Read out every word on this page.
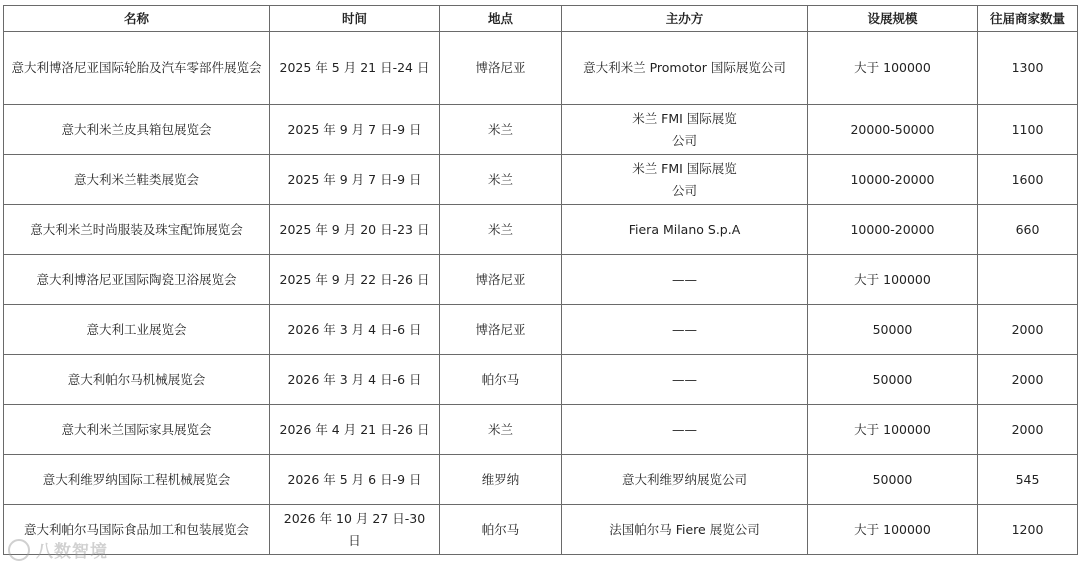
名称	时间	地点	主办方	设展规模	往届商家数量
意大利博洛尼亚国际轮胎及汽车零部件展览会	2025 年 5 月 21 日-24 日	博洛尼亚	意大利米兰 Promotor 国际展览公司	大于 100000	1300
意大利米兰皮具箱包展览会	2025 年 9 月 7 日-9 日	米兰	米兰 FMI 国际展览公司	20000-50000	1100
意大利米兰鞋类展览会	2025 年 9 月 7 日-9 日	米兰	米兰 FMI 国际展览公司	10000-20000	1600
意大利米兰时尚服装及珠宝配饰展览会	2025 年 9 月 20 日-23 日	米兰	Fiera Milano S.p.A	10000-20000	660
意大利博洛尼亚国际陶瓷卫浴展览会	2025 年 9 月 22 日-26 日	博洛尼亚	——	大于 100000	
意大利工业展览会	2026 年 3 月 4 日-6 日	博洛尼亚	——	50000	2000
意大利帕尔马机械展览会	2026 年 3 月 4 日-6 日	帕尔马	——	50000	2000
意大利米兰国际家具展览会	2026 年 4 月 21 日-26 日	米兰	——	大于 100000	2000
意大利维罗纳国际工程机械展览会	2026 年 5 月 6 日-9 日	维罗纳	意大利维罗纳展览公司	50000	545
意大利帕尔马国际食品加工和包装展览会	2026 年 10 月 27 日-30 日	帕尔马	法国帕尔马 Fiere 展览公司	大于 100000	1200
八数智境
